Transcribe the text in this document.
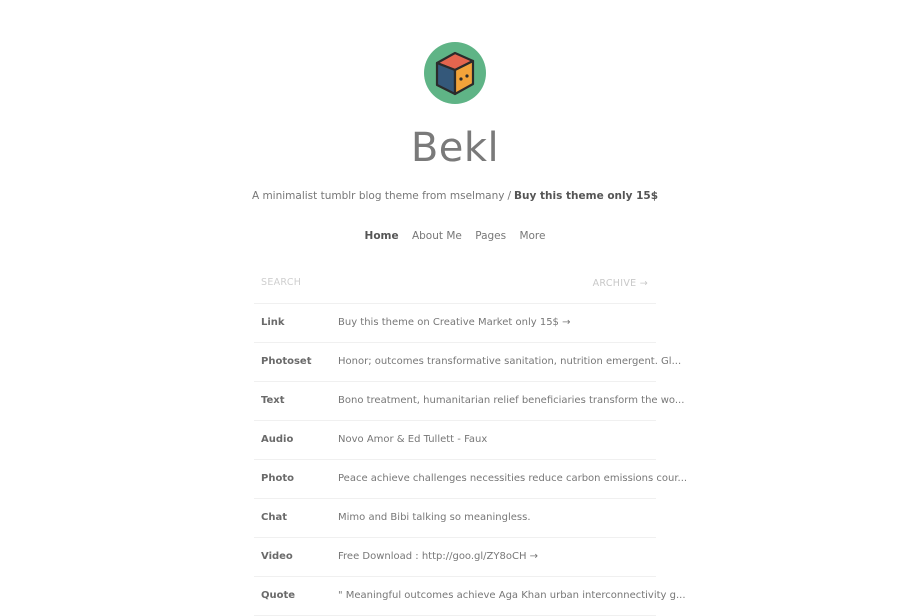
Bekl
A minimalist tumblr blog theme from mselmany / Buy this theme only 15$
Home About Me Pages More
SEARCH
ARCHIVE →
Link	Buy this theme on Creative Market only 15$ →
Photoset	Honor; outcomes transformative sanitation, nutrition emergent. Gl...
Text	Bono treatment, humanitarian relief beneficiaries transform the wo...
Audio	Novo Amor & Ed Tullett - Faux
Photo	Peace achieve challenges necessities reduce carbon emissions cour...
Chat	Mimo and Bibi talking so meaningless.
Video	Free Download : http://goo.gl/ZY8oCH →
Quote	" Meaningful outcomes achieve Aga Khan urban interconnectivity g...
